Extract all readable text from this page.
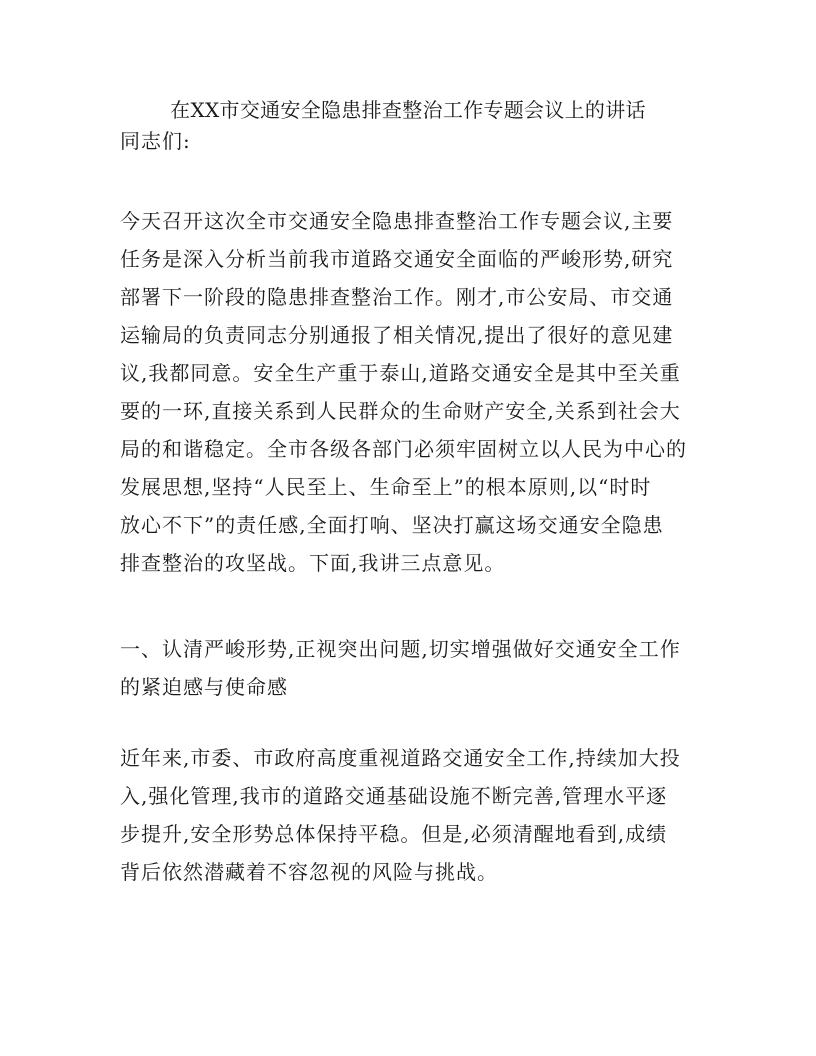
在XX市交通安全隐患排查整治工作专题会议上的讲话
同志们:
今天召开这次全市交通安全隐患排查整治工作专题会议,主要
任务是深入分析当前我市道路交通安全面临的严峻形势,研究
部署下一阶段的隐患排查整治工作。刚才,市公安局、市交通
运输局的负责同志分别通报了相关情况,提出了很好的意见建
议,我都同意。安全生产重于泰山,道路交通安全是其中至关重
要的一环,直接关系到人民群众的生命财产安全,关系到社会大
局的和谐稳定。全市各级各部门必须牢固树立以人民为中心的
发展思想,坚持“人民至上、生命至上”的根本原则,以“时时
放心不下”的责任感,全面打响、坚决打赢这场交通安全隐患
排查整治的攻坚战。下面,我讲三点意见。
一、认清严峻形势,正视突出问题,切实增强做好交通安全工作
的紧迫感与使命感
近年来,市委、市政府高度重视道路交通安全工作,持续加大投
入,强化管理,我市的道路交通基础设施不断完善,管理水平逐
步提升,安全形势总体保持平稳。但是,必须清醒地看到,成绩
背后依然潜藏着不容忽视的风险与挑战。
